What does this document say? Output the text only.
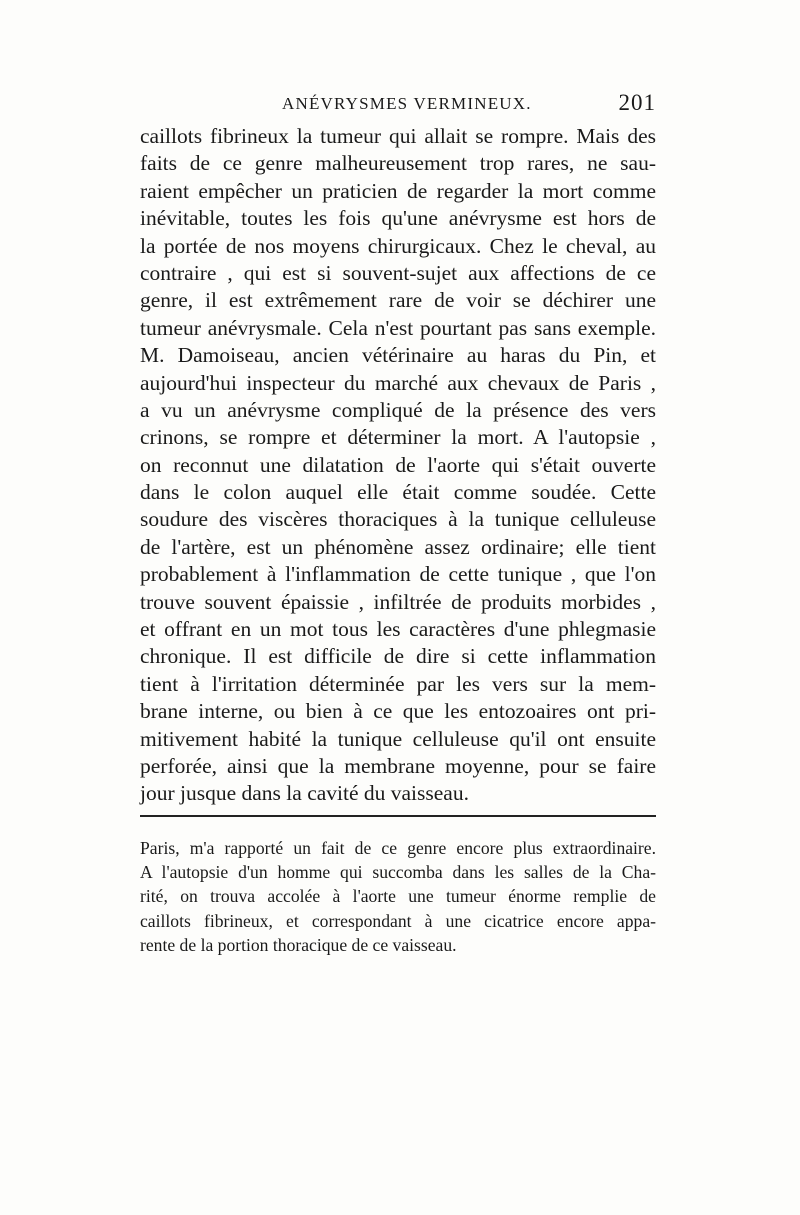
ANÉVRYSMES VERMINEUX.	201
caillots fibrineux la tumeur qui allait se rompre. Mais des
faits de ce genre malheureusement trop rares, ne sau-
raient empêcher un praticien de regarder la mort comme
inévitable, toutes les fois qu'une anévrysme est hors de
la portée de nos moyens chirurgicaux. Chez le cheval, au
contraire , qui est si souvent-sujet aux affections de ce
genre, il est extrêmement rare de voir se déchirer une
tumeur anévrysmale. Cela n'est pourtant pas sans exemple.
M. Damoiseau, ancien vétérinaire au haras du Pin, et
aujourd'hui inspecteur du marché aux chevaux de Paris ,
a vu un anévrysme compliqué de la présence des vers
crinons, se rompre et déterminer la mort. A l'autopsie ,
on reconnut une dilatation de l'aorte qui s'était ouverte
dans le colon auquel elle était comme soudée. Cette
soudure des viscères thoraciques à la tunique celluleuse
de l'artère, est un phénomène assez ordinaire; elle tient
probablement à l'inflammation de cette tunique , que l'on
trouve souvent épaissie , infiltrée de produits morbides ,
et offrant en un mot tous les caractères d'une phlegmasie
chronique. Il est difficile de dire si cette inflammation
tient à l'irritation déterminée par les vers sur la mem-
brane interne, ou bien à ce que les entozoaires ont pri-
mitivement habité la tunique celluleuse qu'il ont ensuite
perforée, ainsi que la membrane moyenne, pour se faire
jour jusque dans la cavité du vaisseau.
Paris, m'a rapporté un fait de ce genre encore plus extraordinaire.
A l'autopsie d'un homme qui succomba dans les salles de la Cha-
rité, on trouva accolée à l'aorte une tumeur énorme remplie de
caillots fibrineux, et correspondant à une cicatrice encore appa-
rente de la portion thoracique de ce vaisseau.
